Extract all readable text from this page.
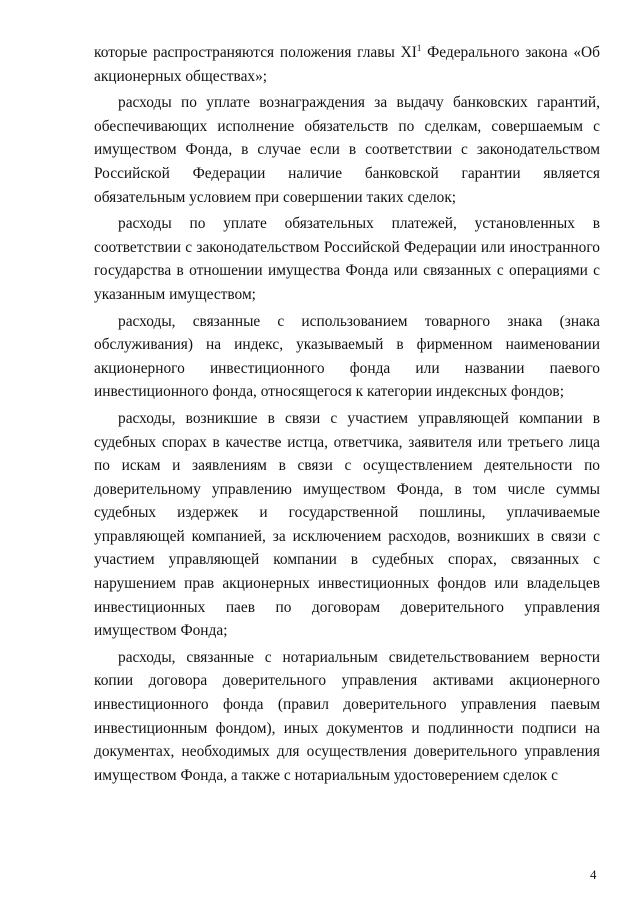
которые распространяются положения главы $XI^1$ Федерального закона «Об акционерных обществах»;

расходы по уплате вознаграждения за выдачу банковских гарантий, обеспечивающих исполнение обязательств по сделкам, совершаемым с имуществом Фонда, в случае если в соответствии с законодательством Российской Федерации наличие банковской гарантии является обязательным условием при совершении таких сделок;

расходы по уплате обязательных платежей, установленных в соответствии с законодательством Российской Федерации или иностранного государства в отношении имущества Фонда или связанных с операциями с указанным имуществом;

расходы, связанные с использованием товарного знака (знака обслуживания) на индекс, указываемый в фирменном наименовании акционерного инвестиционного фонда или названии паевого инвестиционного фонда, относящегося к категории индексных фондов;

расходы, возникшие в связи с участием управляющей компании в судебных спорах в качестве истца, ответчика, заявителя или третьего лица по искам и заявлениям в связи с осуществлением деятельности по доверительному управлению имуществом Фонда, в том числе суммы судебных издержек и государственной пошлины, уплачиваемые управляющей компанией, за исключением расходов, возникших в связи с участием управляющей компании в судебных спорах, связанных с нарушением прав акционерных инвестиционных фондов или владельцев инвестиционных паев по договорам доверительного управления имуществом Фонда;

расходы, связанные с нотариальным свидетельствованием верности копии договора доверительного управления активами акционерного инвестиционного фонда (правил доверительного управления паевым инвестиционным фондом), иных документов и подлинности подписи на документах, необходимых для осуществления доверительного управления имуществом Фонда, а также с нотариальным удостоверением сделок с

4
